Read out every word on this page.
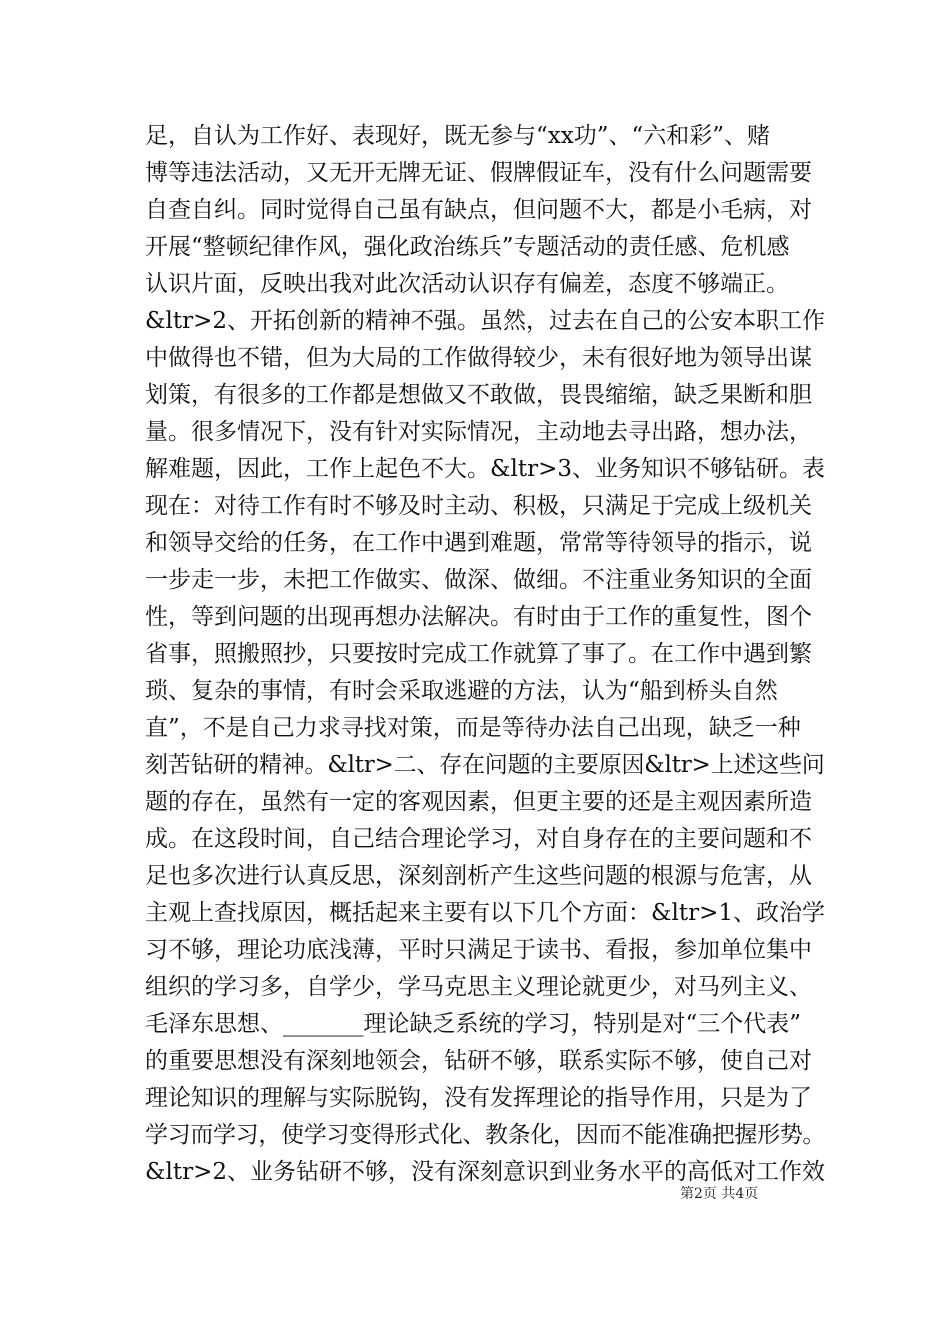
足，自认为工作好、表现好，既无参与“xx功”、“六和彩”、赌
博等违法活动，又无开无牌无证、假牌假证车，没有什么问题需要
自查自纠。同时觉得自己虽有缺点，但问题不大，都是小毛病，对
开展“整顿纪律作风，强化政治练兵”专题活动的责任感、危机感
认识片面，反映出我对此次活动认识存有偏差，态度不够端正。
&ltr>2、开拓创新的精神不强。虽然，过去在自己的公安本职工作
中做得也不错，但为大局的工作做得较少，未有很好地为领导出谋
划策，有很多的工作都是想做又不敢做，畏畏缩缩，缺乏果断和胆
量。很多情况下，没有针对实际情况，主动地去寻出路，想办法，
解难题，因此，工作上起色不大。&ltr>3、业务知识不够钻研。表
现在：对待工作有时不够及时主动、积极，只满足于完成上级机关
和领导交给的任务，在工作中遇到难题，常常等待领导的指示，说
一步走一步，未把工作做实、做深、做细。不注重业务知识的全面
性，等到问题的出现再想办法解决。有时由于工作的重复性，图个
省事，照搬照抄，只要按时完成工作就算了事了。在工作中遇到繁
琐、复杂的事情，有时会采取逃避的方法，认为“船到桥头自然
直”，不是自己力求寻找对策，而是等待办法自己出现，缺乏一种
刻苦钻研的精神。&ltr>二、存在问题的主要原因&ltr>上述这些问
题的存在，虽然有一定的客观因素，但更主要的还是主观因素所造
成。在这段时间，自己结合理论学习，对自身存在的主要问题和不
足也多次进行认真反思，深刻剖析产生这些问题的根源与危害，从
主观上查找原因，概括起来主要有以下几个方面：&ltr>1、政治学
习不够，理论功底浅薄，平时只满足于读书、看报，参加单位集中
组织的学习多，自学少，学马克思主义理论就更少，对马列主义、
毛泽东思想、_______理论缺乏系统的学习，特别是对“三个代表”
的重要思想没有深刻地领会，钻研不够，联系实际不够，使自己对
理论知识的理解与实际脱钩，没有发挥理论的指导作用，只是为了
学习而学习，使学习变得形式化、教条化，因而不能准确把握形势。
&ltr>2、业务钻研不够，没有深刻意识到业务水平的高低对工作效
第2页 共4页
